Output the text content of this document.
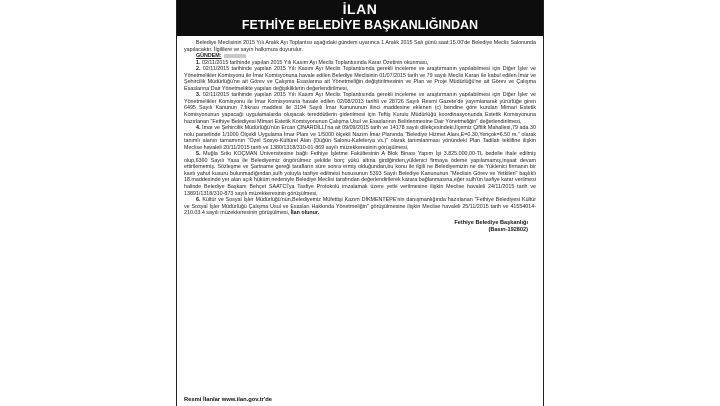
İLAN
FETHİYE BELEDİYE BAŞKANLIĞINDAN

Belediye Meclisinin 2015 Yılı Aralık Ayı Toplantısı aşağıdaki gündem uyarınca 1 Aralık 2015 Salı günü saat:15.00'de Belediye Meclis Salonunda yapılacaktır. İlgililere ve sayın halkımıza duyurulur.

GÜNDEM:

1. 02/11/2015 tarihinde yapılan 2015 Yılı Kasım Ayı Meclis Toplantısında Karar Özetinin okunması,

2. 02/11/2015 tarihinde yapılan 2015 Yılı Kasım Ayı Meclis Toplantısında gerekli inceleme ve araştırmanın yapılabilmesi için Diğer İşler ve Yönetmelikler Komisyonu ile İmar Komisyonuna havale edilen Belediye Meclisinin 01/07/2015 tarih ve 79 sayılı Meclis Kararı ile kabul edilen İmar ve Şehircilik Müdürlüğü'ne ait Görev ve Çalışma Esaslarına ait Yönetmeliğin değiştirilmesinin ve Plan ve Proje Müdürlüğü'ne ait Görev ve Çalışma Esaslarına Dair Yönetmelikte yapılan değişikliklerin değerlendirilmesi,

3. 02/11/2015 tarihinde yapılan 2015 Yılı Kasım Ayı Meclis Toplantısında gerekli inceleme ve araştırmanın yapılabilmesi için Diğer İşler ve Yönetmelikler Komisyonu ile İmar Komisyonuna havale edilen 02/08/2013 tarihli ve 28726 Sayılı Resmi Gazete'de yayımlanarak yürürlüğe giren 6495 Sayılı Kanunun 7.fıkrası maddesi ile 3194 Sayılı İmar Kanununun ilinci maddesine eklenen (c) bendine göre kurulan Mimari Estetik Komisyonunun yapacağı uygulamalarda oluşacak tereddütlerin giderilmesi için Teftiş Kurulu Müdürlüğü koordinasyonunda Estetik Komisyonuna hazırlanan "Fethiye Belediyesi Mimari Estetik Komisyonunun Çalışma Usul ve Esaslarının Belirlenmesine Dair Yönetmeliğin" değerlendirilmesi,

4. İmar ve Şehircilik Müdürlüğü'nün Ercan ÇINARDİLLİ'na ait 09/09/2015 tarih ve 14178 sayılı dilekçesindeki,İlçemiz Çiftlik Mahallesi,79 ada 30 nolu parselinde 1/1000 Ölçekli Uygulama İmar Planı ve 1/5000 ölçekli Nazım İmar Planında "Belediye Hizmet Alanı,E=0.30,Yençok=6.50 m." olarak tanımlı alanın tamamının "Özel Sosyo-Kültürel Alan (Düğün Salonu-Kafeterya vs.)" olarak tanımlanması yönündeki Plan Tadilatı teklifine ilişkin Meclise havaleli 20/11/2015 tarih ve 1380/1318/310-01-869 sayılı müzekkeresinin görüşülmesi,

5. Muğla Sıtkı KOÇMAN Üniversitesine bağlı Fethiye İşletme Fakültesinin A Blok Binası Yapım İşi 3.825.000,00-TL bedelle ihale edilmiş olup,6360 Sayılı Yasa ile Belediyemiz öngörülmez şekilde borç yükü altına girdiğinden,yüklenici firmaya ödeme yapılamamış,inşaat devam ettirilememiş. Sözleşme ve Şartname gereği tarafların süre sonra ermiş olduğundan,bu konu ile ilgili ne Belediyemizin ne de Yüklenici firmanın bir kastı yahut kusuru bulunmadığından,sulh yoluyla tasfiye edilmesi hususunun 5393 Sayılı Belediye Kanununun "Meclisin Görev ve Yetkileri" başlıklı 18.maddesinde yer alan açık hüküm nedeniyle Belediye Meclisi tarafından değerlendirilerek karara bağlanmasına,eğer sulh'ün tasfiye karar verilmesi halinde Belediye Başkanı Behçet SAATCİ'ya Tasfiye Protokolü imzalamak üzere yetki verilmesine ilişkin Meclise havaleli 24/11/2015 tarih ve 13891/1318/310-873 sayılı müzekkeresinin görüşülmesi,

6. Kültür ve Sosyal İşler Müdürlüğü'nün,Belediyemiz Müfettişi Kazım DİKMENTEPE'nin danışmanlığında hazırlanan "Fethiye Belediyesi Kültür ve Sosyal İşler Müdürlüğü Çalışma Usul ve Esasları Hakkında Yönetmeliğin" görüşülmesine ilişkin Meclise havaleli 25/11/2015 tarih ve 41554014-210.03.4 sayılı müzekkeresinin görüşülmesi, İlan olunur.

Fethiye Belediye Başkanlığı
(Basın-192802)
Resmi İlanlar www.ilan.gov.tr'de
